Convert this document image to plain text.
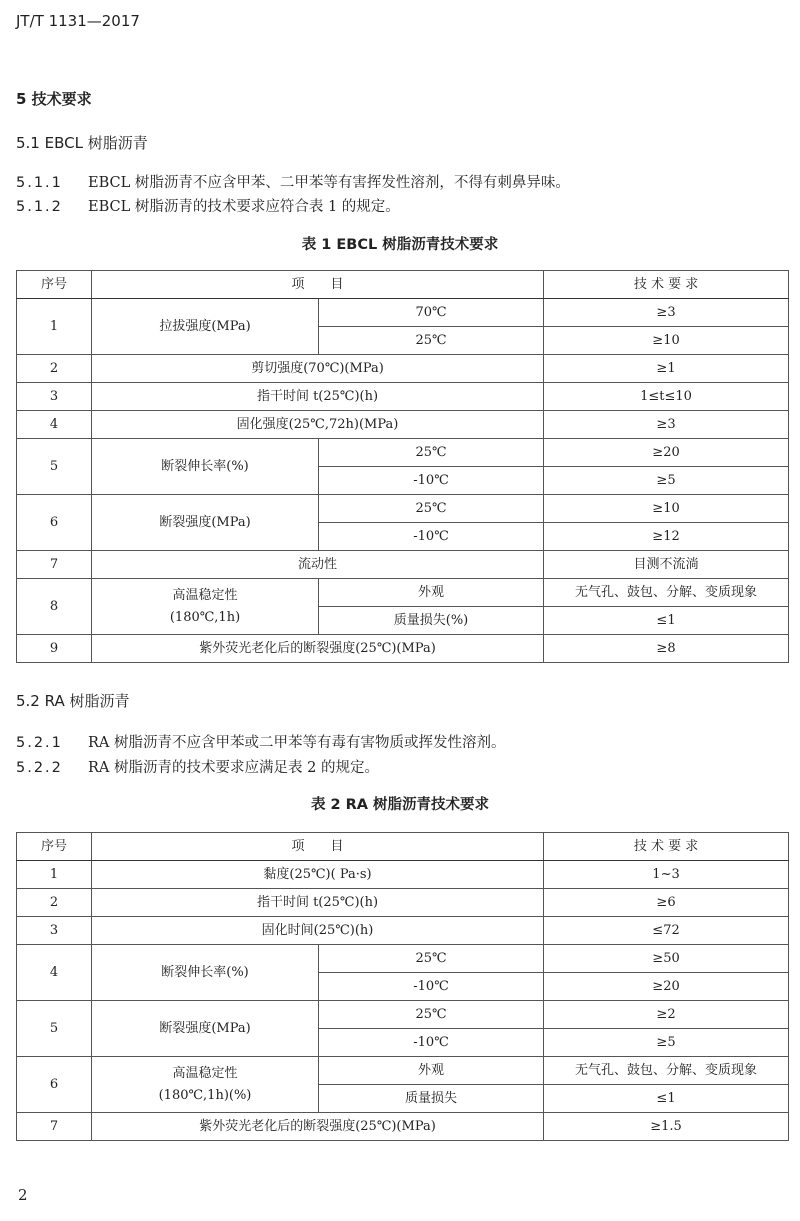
JT/T 1131—2017
5 技术要求
5.1 EBCL 树脂沥青
5.1.1 EBCL 树脂沥青不应含甲苯、二甲苯等有害挥发性溶剂，不得有刺鼻异味。
5.1.2 EBCL 树脂沥青的技术要求应符合表 1 的规定。
表 1 EBCL 树脂沥青技术要求
序号	项　　目		技 术 要 求
1	拉拔强度(MPa)	70℃	≥3
		25℃	≥10
2	剪切强度(70℃)(MPa)		≥1
3	指干时间 t(25℃)(h)		1≤t≤10
4	固化强度(25℃,72h)(MPa)		≥3
5	断裂伸长率(%)	25℃	≥20
		-10℃	≥5
6	断裂强度(MPa)	25℃	≥10
		-10℃	≥12
7	流动性		目测不流淌
8	高温稳定性
(180℃,1h)	外观	无气孔、鼓包、分解、变质现象
		质量损失(%)	≤1
9	紫外荧光老化后的断裂强度(25℃)(MPa)		≥8
5.2 RA 树脂沥青
5.2.1 RA 树脂沥青不应含甲苯或二甲苯等有毒有害物质或挥发性溶剂。
5.2.2 RA 树脂沥青的技术要求应满足表 2 的规定。
表 2 RA 树脂沥青技术要求
序号	项　　目		技 术 要 求
1	黏度(25℃)( Pa·s)		1~3
2	指干时间 t(25℃)(h)		≥6
3	固化时间(25℃)(h)		≤72
4	断裂伸长率(%)	25℃	≥50
		-10℃	≥20
5	断裂强度(MPa)	25℃	≥2
		-10℃	≥5
6	高温稳定性
(180℃,1h)(%)	外观	无气孔、鼓包、分解、变质现象
		质量损失	≤1
7	紫外荧光老化后的断裂强度(25℃)(MPa)		≥1.5
2
